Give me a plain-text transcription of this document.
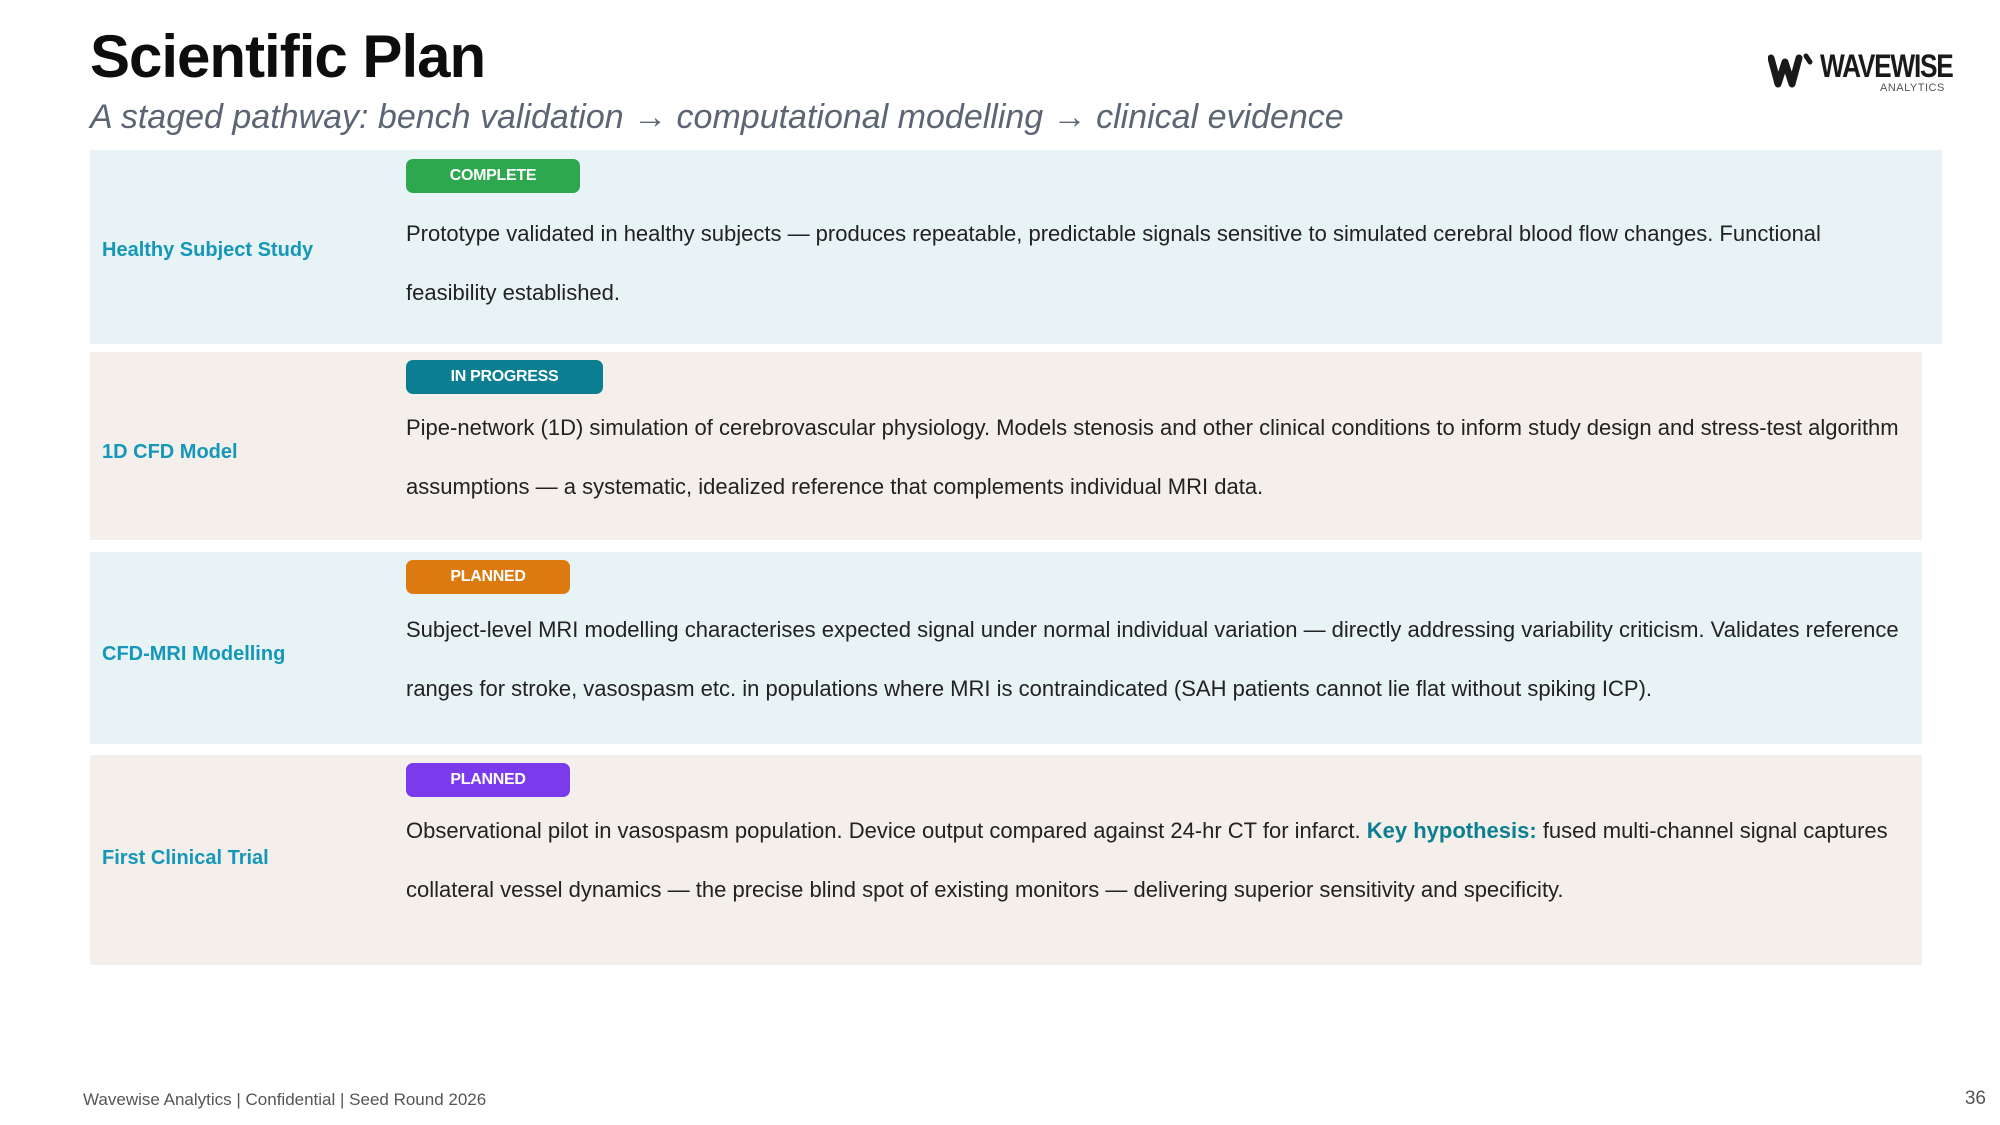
Scientific Plan

A staged pathway: bench validation → computational modelling → clinical evidence

WAVEWISE
ANALYTICS
Healthy Subject Study
COMPLETE

Prototype validated in healthy subjects — produces repeatable, predictable signals sensitive to simulated cerebral blood flow changes. Functional feasibility established.

1D CFD Model
IN PROGRESS

Pipe-network (1D) simulation of cerebrovascular physiology. Models stenosis and other clinical conditions to inform study design and stress-test algorithm assumptions — a systematic, idealized reference that complements individual MRI data.

CFD-MRI Modelling
PLANNED

Subject-level MRI modelling characterises expected signal under normal individual variation — directly addressing variability criticism. Validates reference ranges for stroke, vasospasm etc. in populations where MRI is contraindicated (SAH patients cannot lie flat without spiking ICP).

First Clinical Trial
PLANNED

Observational pilot in vasospasm population. Device output compared against 24-hr CT for infarct. Key hypothesis: fused multi-channel signal captures collateral vessel dynamics — the precise blind spot of existing monitors — delivering superior sensitivity and specificity.

Wavewise Analytics | Confidential | Seed Round 2026	36
